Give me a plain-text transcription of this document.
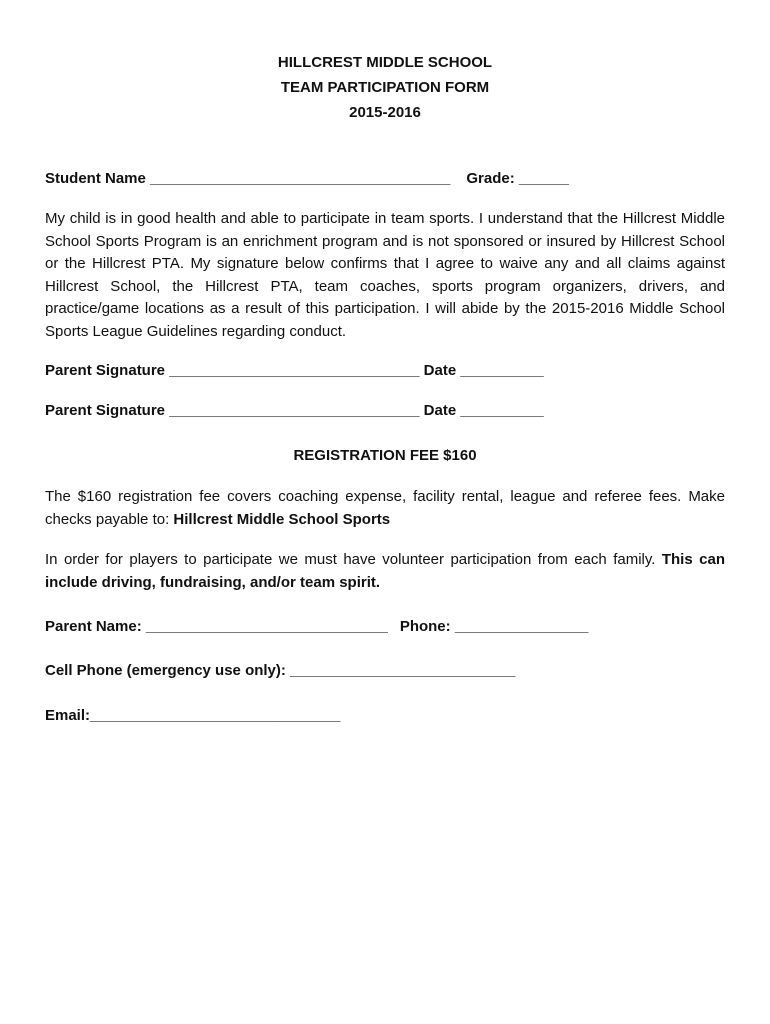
HILLCREST MIDDLE SCHOOL
TEAM PARTICIPATION FORM
2015-2016
Student Name ____________________________________ Grade: ______
My child is in good health and able to participate in team sports. I understand that the Hillcrest Middle School Sports Program is an enrichment program and is not sponsored or insured by Hillcrest School or the Hillcrest PTA. My signature below confirms that I agree to waive any and all claims against Hillcrest School, the Hillcrest PTA, team coaches, sports program organizers, drivers, and practice/game locations as a result of this participation. I will abide by the 2015-2016 Middle School Sports League Guidelines regarding conduct.
Parent Signature ______________________________ Date __________
Parent Signature ______________________________ Date __________
REGISTRATION FEE $160
The $160 registration fee covers coaching expense, facility rental, league and referee fees. Make checks payable to: Hillcrest Middle School Sports
In order for players to participate we must have volunteer participation from each family. This can include driving, fundraising, and/or team spirit.
Parent Name: _____________________________ Phone: ________________
Cell Phone (emergency use only): ___________________________
Email:______________________________
